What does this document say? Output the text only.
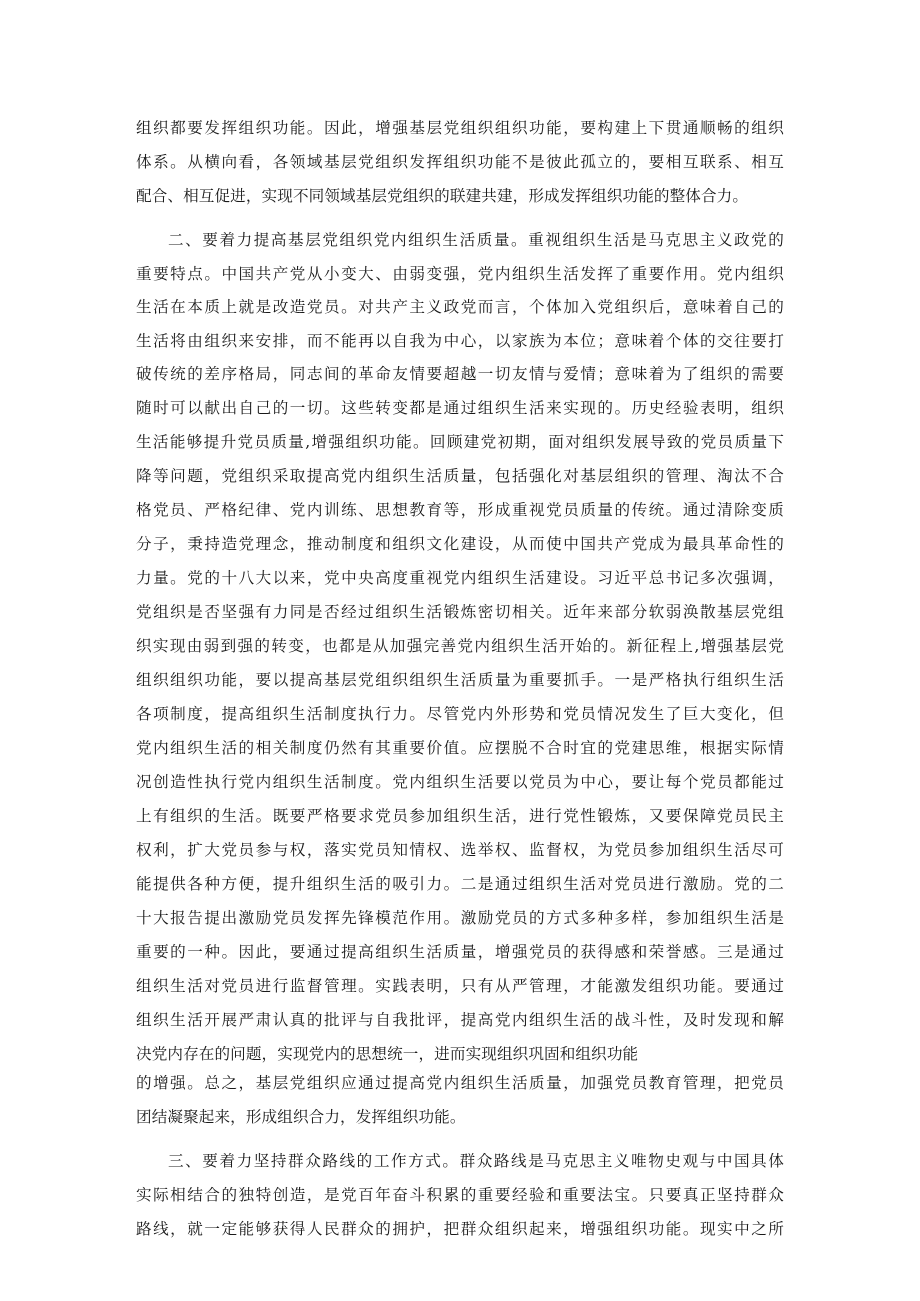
组织都要发挥组织功能。因此，增强基层党组织组织功能，要构建上下贯通顺畅的组织
体系。从横向看，各领域基层党组织发挥组织功能不是彼此孤立的，要相互联系、相互
配合、相互促进，实现不同领域基层党组织的联建共建，形成发挥组织功能的整体合力。
二、要着力提高基层党组织党内组织生活质量。重视组织生活是马克思主义政党的
重要特点。中国共产党从小变大、由弱变强，党内组织生活发挥了重要作用。党内组织
生活在本质上就是改造党员。对共产主义政党而言，个体加入党组织后，意味着自己的
生活将由组织来安排，而不能再以自我为中心，以家族为本位；意味着个体的交往要打
破传统的差序格局，同志间的革命友情要超越一切友情与爱情；意味着为了组织的需要
随时可以献出自己的一切。这些转变都是通过组织生活来实现的。历史经验表明，组织
生活能够提升党员质量,增强组织功能。回顾建党初期，面对组织发展导致的党员质量下
降等问题，党组织采取提高党内组织生活质量，包括强化对基层组织的管理、淘汰不合
格党员、严格纪律、党内训练、思想教育等，形成重视党员质量的传统。通过清除变质
分子，秉持造党理念，推动制度和组织文化建设，从而使中国共产党成为最具革命性的
力量。党的十八大以来，党中央高度重视党内组织生活建设。习近平总书记多次强调，
党组织是否坚强有力同是否经过组织生活锻炼密切相关。近年来部分软弱涣散基层党组
织实现由弱到强的转变，也都是从加强完善党内组织生活开始的。新征程上,增强基层党
组织组织功能，要以提高基层党组织组织生活质量为重要抓手。一是严格执行组织生活
各项制度，提高组织生活制度执行力。尽管党内外形势和党员情况发生了巨大变化，但
党内组织生活的相关制度仍然有其重要价值。应摆脱不合时宜的党建思维，根据实际情
况创造性执行党内组织生活制度。党内组织生活要以党员为中心，要让每个党员都能过
上有组织的生活。既要严格要求党员参加组织生活，进行党性锻炼，又要保障党员民主
权利，扩大党员参与权，落实党员知情权、选举权、监督权，为党员参加组织生活尽可
能提供各种方便，提升组织生活的吸引力。二是通过组织生活对党员进行激励。党的二
十大报告提出激励党员发挥先锋模范作用。激励党员的方式多种多样，参加组织生活是
重要的一种。因此，要通过提高组织生活质量，增强党员的获得感和荣誉感。三是通过
组织生活对党员进行监督管理。实践表明，只有从严管理，才能激发组织功能。要通过
组织生活开展严肃认真的批评与自我批评，提高党内组织生活的战斗性，及时发现和解
决党内存在的问题，实现党内的思想统一，进而实现组织巩固和组织功能
的增强。总之，基层党组织应通过提高党内组织生活质量，加强党员教育管理，把党员
团结凝聚起来，形成组织合力，发挥组织功能。
三、要着力坚持群众路线的工作方式。群众路线是马克思主义唯物史观与中国具体
实际相结合的独特创造，是党百年奋斗积累的重要经验和重要法宝。只要真正坚持群众
路线，就一定能够获得人民群众的拥护，把群众组织起来，增强组织功能。现实中之所
